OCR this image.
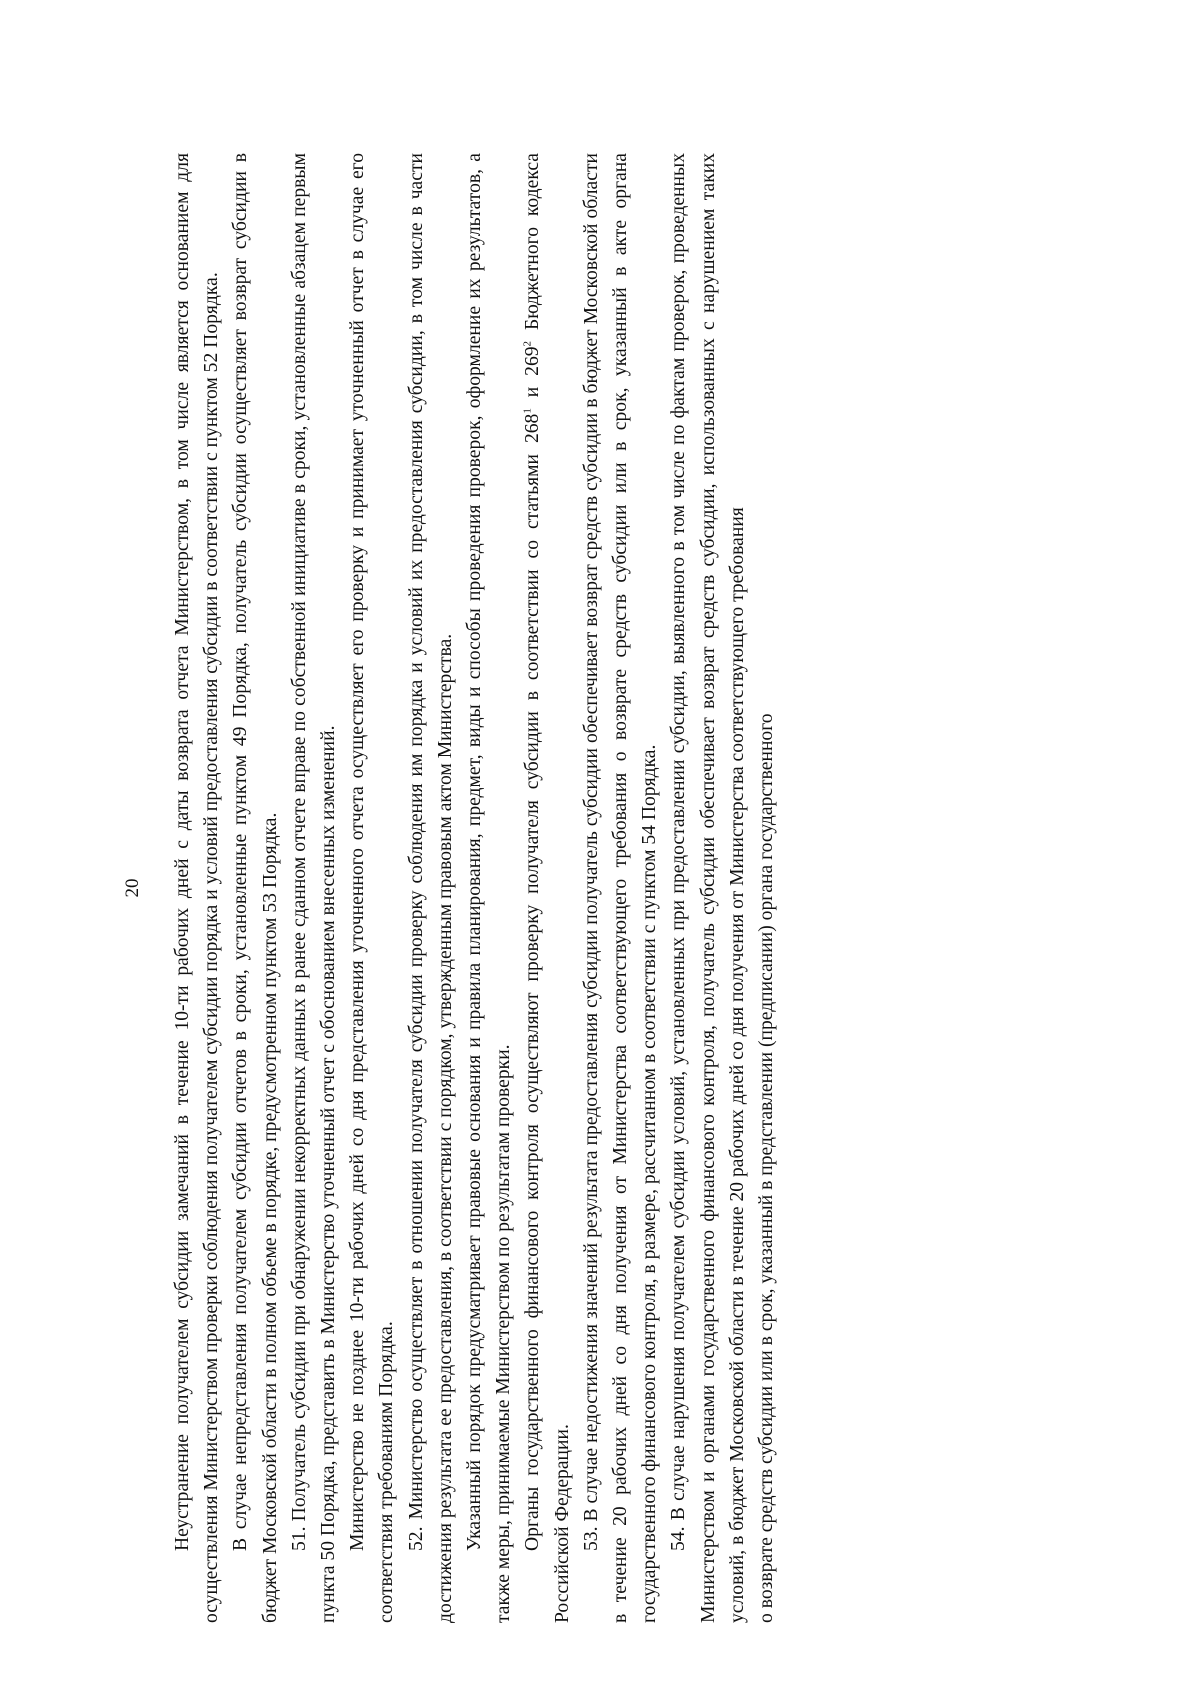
20	Неустранение получателем субсидии замечаний в течение 10-ти рабочих дней с даты возврата отчета Министерством, в том числе является основанием для осуществления Министерством проверки соблюдения получателем субсидии порядка и условий предоставления субсидии в соответствии с пунктом 52 Порядка. В случае непредставления получателем субсидии отчетов в сроки, установленные пунктом 49 Порядка, получатель субсидии осуществляет возврат субсидии в бюджет Московской области в полном объеме в порядке, предусмотренном пунктом 53 Порядка. 51. Получатель субсидии при обнаружении некорректных данных в ранее сданном отчете вправе по собственной инициативе в сроки, установленные абзацем первым пункта 50 Порядка, представить в Министерство уточненный отчет с обоснованием внесенных изменений. Министерство не позднее 10-ти рабочих дней со дня представления уточненного отчета осуществляет его проверку и принимает уточненный отчет в случае его соответствия требованиям Порядка. 52. Министерство осуществляет в отношении получателя субсидии проверку соблюдения им порядка и условий их предоставления субсидии, в том числе в части достижения результата ее предоставления, в соответствии с порядком, утвержденным правовым актом Министерства. Указанный порядок предусматривает правовые основания и правила планирования, предмет, виды и способы проведения проверок, оформление их результатов, а также меры, принимаемые Министерством по результатам проверки. Органы государственного финансового контроля осуществляют проверку получателя субсидии в соответствии со статьями $268^1$ и $269^2$ Бюджетного кодекса Российской Федерации. 53. В случае недостижения значений результата предоставления субсидии получатель субсидии обеспечивает возврат средств субсидии в бюджет Московской области в течение 20 рабочих дней со дня получения от Министерства соответствующего требования о возврате средств субсидии или в срок, указанный в акте органа государственного финансового контроля, в размере, рассчитанном в соответствии с пунктом 54 Порядка. 54. В случае нарушения получателем субсидии условий, установленных при предоставлении субсидии, выявленного в том числе по фактам проверок, проведенных Министерством и органами государственного финансового контроля, получатель субсидии обеспечивает возврат средств субсидии, использованных с нарушением таких условий, в бюджет Московской области в течение 20 рабочих дней со дня получения от Министерства соответствующего требования о возврате средств субсидии или в срок, указанный в представлении (предписании) органа государственного
